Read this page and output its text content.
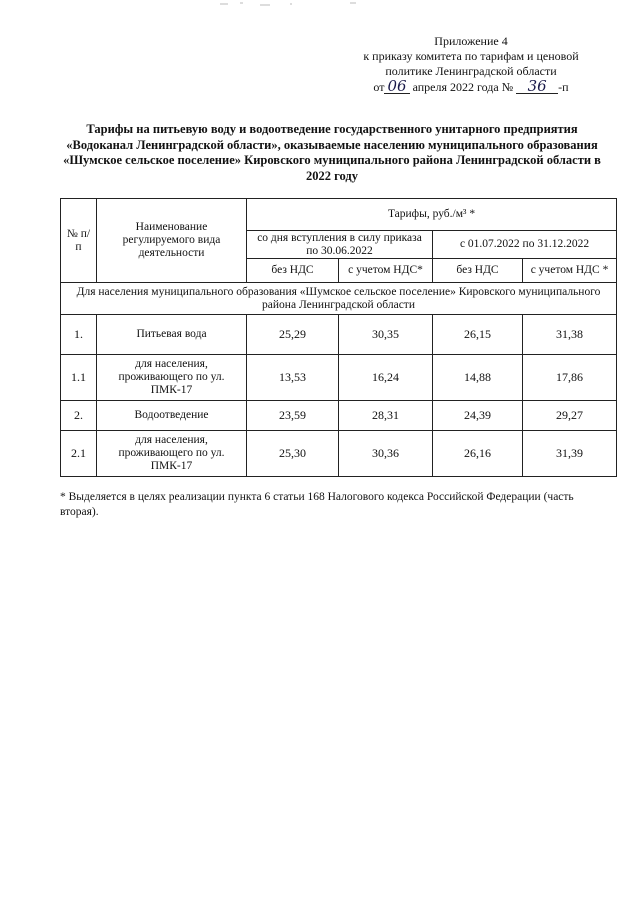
Приложение 4
к приказу комитета по тарифам и ценовой
политике Ленинградской области
от 06 апреля 2022 года № 36 -п
Тарифы на питьевую воду и водоотведение государственного унитарного предприятия «Водоканал Ленинградской области», оказываемые населению муниципального образования «Шумское сельское поселение» Кировского муниципального района Ленинградской области в 2022 году
№ п/п	Наименование регулируемого вида деятельности	Тарифы, руб./м³ *			
		со дня вступления в силу приказа по 30.06.2022		с 01.07.2022 по 31.12.2022	
		без НДС	с учетом НДС*	без НДС	с учетом НДС *
Для населения муниципального образования «Шумское сельское поселение» Кировского муниципального района Ленинградской области					
1.	Питьевая вода	25,29	30,35	26,15	31,38
1.1	для населения, проживающего по ул. ПМК-17	13,53	16,24	14,88	17,86
2.	Водоотведение	23,59	28,31	24,39	29,27
2.1	для населения, проживающего по ул. ПМК-17	25,30	30,36	26,16	31,39
* Выделяется в целях реализации пункта 6 статьи 168 Налогового кодекса Российской Федерации (часть вторая).
